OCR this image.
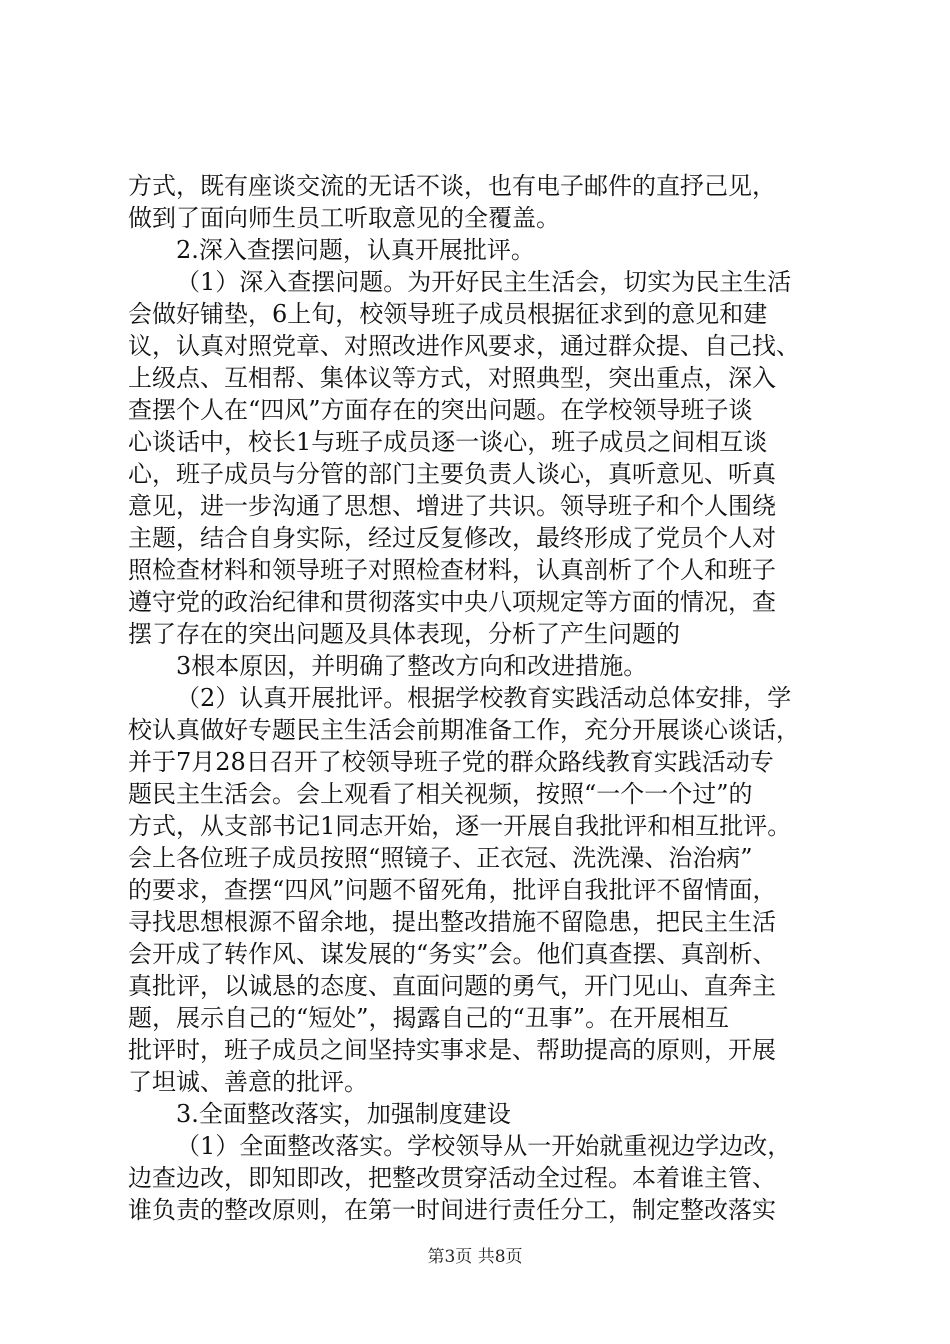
方式，既有座谈交流的无话不谈，也有电子邮件的直抒己见，
做到了面向师生员工听取意见的全覆盖。
2.深入查摆问题，认真开展批评。
（1）深入查摆问题。为开好民主生活会，切实为民主生活
会做好铺垫，6上旬，校领导班子成员根据征求到的意见和建
议，认真对照党章、对照改进作风要求，通过群众提、自己找、
上级点、互相帮、集体议等方式，对照典型，突出重点，深入
查摆个人在“四风”方面存在的突出问题。在学校领导班子谈
心谈话中，校长1与班子成员逐一谈心，班子成员之间相互谈
心，班子成员与分管的部门主要负责人谈心，真听意见、听真
意见，进一步沟通了思想、增进了共识。领导班子和个人围绕
主题，结合自身实际，经过反复修改，最终形成了党员个人对
照检查材料和领导班子对照检查材料，认真剖析了个人和班子
遵守党的政治纪律和贯彻落实中央八项规定等方面的情况，查
摆了存在的突出问题及具体表现，分析了产生问题的
3根本原因，并明确了整改方向和改进措施。
（2）认真开展批评。根据学校教育实践活动总体安排，学
校认真做好专题民主生活会前期准备工作，充分开展谈心谈话，
并于7月28日召开了校领导班子党的群众路线教育实践活动专
题民主生活会。会上观看了相关视频，按照“一个一个过”的
方式，从支部书记1同志开始，逐一开展自我批评和相互批评。
会上各位班子成员按照“照镜子、正衣冠、洗洗澡、治治病”
的要求，查摆“四风”问题不留死角，批评自我批评不留情面，
寻找思想根源不留余地，提出整改措施不留隐患，把民主生活
会开成了转作风、谋发展的“务实”会。他们真查摆、真剖析、
真批评，以诚恳的态度、直面问题的勇气，开门见山、直奔主
题，展示自己的“短处”，揭露自己的“丑事”。在开展相互
批评时，班子成员之间坚持实事求是、帮助提高的原则，开展
了坦诚、善意的批评。
3.全面整改落实，加强制度建设
（1）全面整改落实。学校领导从一开始就重视边学边改，
边查边改，即知即改，把整改贯穿活动全过程。本着谁主管、
谁负责的整改原则，在第一时间进行责任分工，制定整改落实
第3页 共8页
